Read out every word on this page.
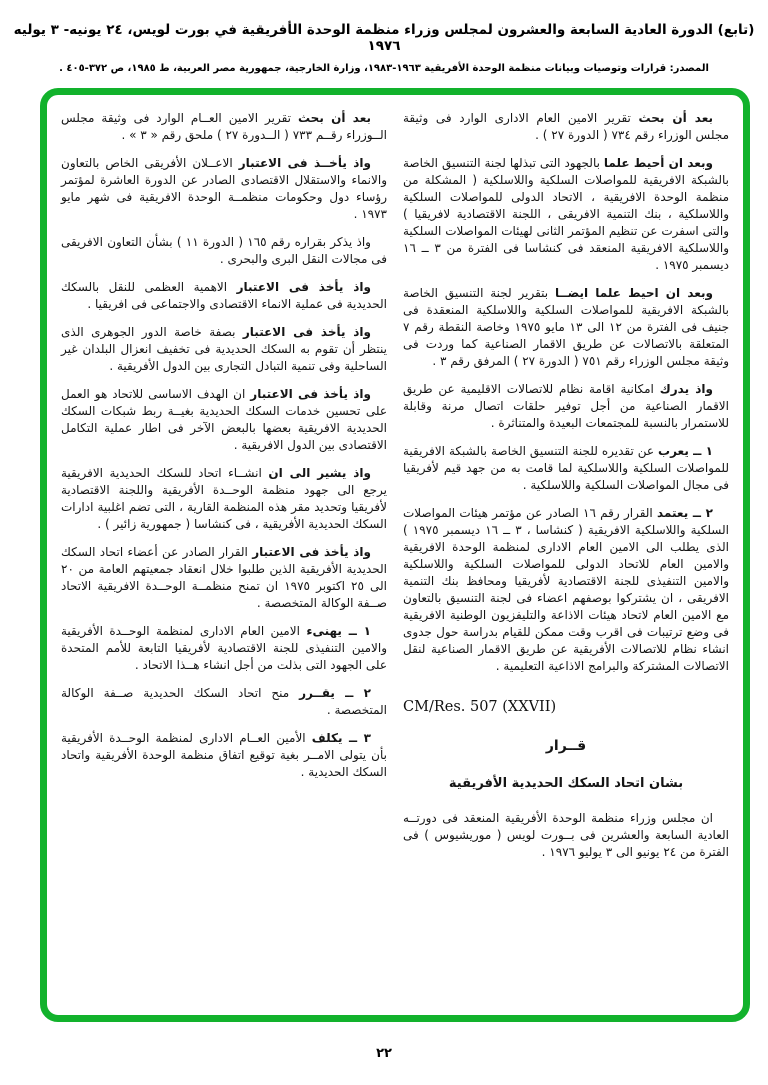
(تابع) الدورة العادية السابعة والعشرون لمجلس وزراء منظمة الوحدة الأفريقية في بورت لويس، ٢٤ يونيه- ٣ يوليه ١٩٧٦
المصدر: قرارات وتوصيات وبيانات منظمة الوحدة الأفريقية ١٩٦٣-١٩٨٣، وزارة الخارجية، جمهورية مصر العربية، ط ١٩٨٥، ص ٣٧٢-٤٠٥ .

بعد أن بحث تقرير الامين العام الادارى الوارد فى وثيقة مجلس الوزراء رقم ٧٣٤ ( الدورة ٢٧ ) .

وبعد ان أحيط علما بالجهود التى تبذلها لجنة التنسيق الخاصة بالشبكة الافريقية للمواصلات السلكية واللاسلكية ( المشكلة من منظمة الوحدة الافريقية ، الاتحاد الدولى للمواصلات السلكية واللاسلكية ، بنك التنمية الافريقى ، اللجنة الاقتصادية لافريقيا ) والتى اسفرت عن تنظيم المؤتمر الثانى لهيئات المواصلات السلكية واللاسلكية الافريقية المنعقد فى كنشاسا فى الفترة من ٣ ــ ١٦ ديسمبر ١٩٧٥ .

وبعد ان احيط علما ايضــا بتقرير لجنة التنسيق الخاصة بالشبكة الافريقية للمواصلات السلكية واللاسلكية المنعقدة فى جنيف فى الفترة من ١٢ الى ١٣ مايو ١٩٧٥ وخاصة النقطة رقم ٧ المتعلقة بالاتصالات عن طريق الاقمار الصناعية كما وردت فى وثيقة مجلس الوزراء رقم ٧٥١ ( الدورة ٢٧ ) المرفق رقم ٣ .

واذ يدرك امكانية اقامة نظام للاتصالات الاقليمية عن طريق الاقمار الصناعية من أجل توفير حلقات اتصال مرنة وقابلة للاستمرار بالنسبة للمجتمعات البعيدة والمتناثرة .

١ ــ يعرب عن تقديره للجنة التنسيق الخاصة بالشبكة الافريقية للمواصلات السلكية واللاسلكية لما قامت به من جهد قيم لأفريقيا فى مجال المواصلات السلكية واللاسلكية .

٢ ــ يعتمد القرار رقم ١٦ الصادر عن مؤتمر هيئات المواصلات السلكية واللاسلكية الافريقية ( كنشاسا ، ٣ ــ ١٦ ديسمبر ١٩٧٥ ) الذى يطلب الى الامين العام الادارى لمنظمة الوحدة الافريقية والامين العام للاتحاد الدولى للمواصلات السلكية واللاسلكية والامين التنفيذى للجنة الاقتصادية لأفريقيا ومحافظ بنك التنمية الافريقى ، ان يشتركوا بوصفهم اعضاء فى لجنة التنسيق بالتعاون مع الامين العام لاتحاد هيئات الاذاعة والتليفزيون الوطنية الافريقية فى وضع ترتيبات فى اقرب وقت ممكن للقيام بدراسة حول جدوى انشاء نظام للاتصالات الأفريقية عن طريق الاقمار الصناعية لنقل الاتصالات المشتركة والبرامج الاذاعية التعليمية .

CM/Res. 507 (XXVII)
قــرار
بشان اتحاد السكك الحديدية الأفريقية

ان مجلس وزراء منظمة الوحدة الأفريقية المنعقد فى دورتــه العادية السابعة والعشرين فى بــورت لويس ( موريشيوس ) فى الفترة من ٢٤ يونيو الى ٣ يوليو ١٩٧٦ .

بعد أن بحث تقرير الامين العــام الوارد فى وثيقة مجلس الــوزراء رقــم ٧٣٣ ( الــدورة ٢٧ ) ملحق رقم « ٣ » .

واذ يأخــذ فى الاعتبار الاعــلان الأفريقى الخاص بالتعاون والانماء والاستقلال الاقتصادى الصادر عن الدورة العاشرة لمؤتمر رؤساء دول وحكومات منظمــة الوحدة الافريقية فى شهر مايو ١٩٧٣ .

واذ يذكر بقراره رقم ١٦٥ ( الدورة ١١ ) بشأن التعاون الافريقى فى مجالات النقل البرى والبحرى .

واذ يأخذ فى الاعتبار الاهمية العظمى للنقل بالسكك الحديدية فى عملية الانماء الاقتصادى والاجتماعى فى افريقيا .

واذ يأخذ فى الاعتبار بصفة خاصة الدور الجوهرى الذى ينتظر أن تقوم به السكك الحديدية فى تخفيف انعزال البلدان غير الساحلية وفى تنمية التبادل التجارى بين الدول الأفريقية .

واذ يأخذ فى الاعتبار ان الهدف الاساسى للاتحاد هو العمل على تحسين خدمات السكك الحديدية بغيــة ربط شبكات السكك الحديدية الافريقية بعضها بالبعض الآخر فى اطار عملية التكامل الاقتصادى بين الدول الافريقية .

واذ يشير الى ان انشــاء اتحاد للسكك الحديدية الافريقية يرجع الى جهود منظمة الوحــدة الأفريقية واللجنة الاقتصادية لأفريقيا وتحديد مقر هذه المنظمة القارية ، التى تضم اغلبية ادارات السكك الحديدية الأفريقية ، فى كنشاسا ( جمهورية زائير ) .

واذ يأخذ فى الاعتبار القرار الصادر عن أعضاء اتحاد السكك الحديدية الأفريقية الذين طلبوا خلال انعقاد جمعيتهم العامة من ٢٠ الى ٢٥ اكتوبر ١٩٧٥ ان تمنح منظمــة الوحــدة الافريقية الاتحاد صــفة الوكالة المتخصصة .

١ ــ يهنىء الامين العام الادارى لمنظمة الوحــدة الأفريقية والامين التنفيذى للجنة الاقتصادية لأفريقيا التابعة للأمم المتحدة على الجهود التى بذلت من أجل انشاء هــذا الاتحاد .

٢ ــ يقــرر منح اتحاد السكك الحديدية صــفة الوكالة المتخصصة .

٣ ــ يكلف الأمين العــام الادارى لمنظمة الوحــدة الأفريقية بأن يتولى الامــر بغية توقيع اتفاق منظمة الوحدة الأفريقية واتحاد السكك الحديدية .

٢٢
